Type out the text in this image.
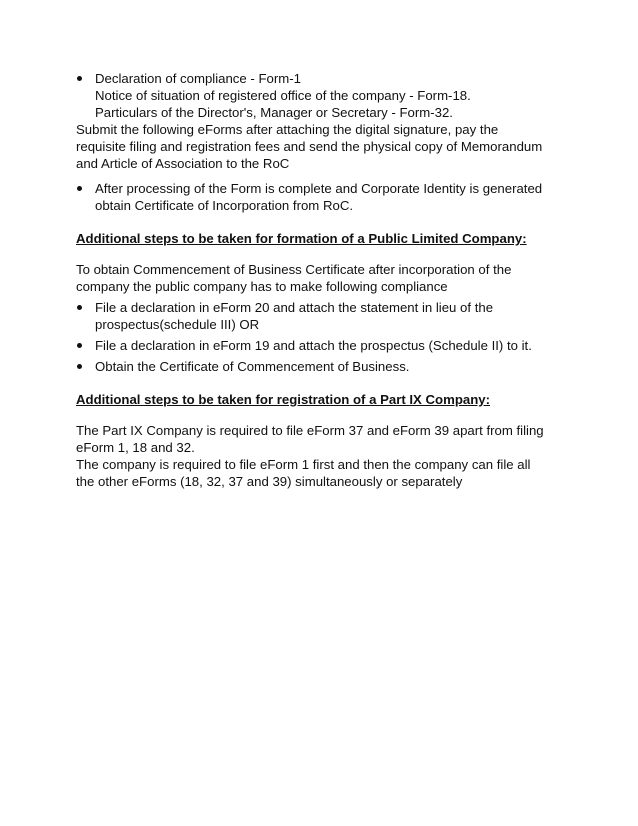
Declaration of compliance - Form-1
Notice of situation of registered office of the company - Form-18.
Particulars of the Director's, Manager or Secretary - Form-32.
Submit the following eForms after attaching the digital signature, pay the
requisite filing and registration fees and send the physical copy of Memorandum
and Article of Association to the RoC
After processing of the Form is complete and Corporate Identity is generated
obtain Certificate of Incorporation from RoC.
Additional steps to be taken for formation of a Public Limited Company:
To obtain Commencement of Business Certificate after incorporation of the
company the public company has to make following compliance
File a declaration in eForm 20 and attach the statement in lieu of the
prospectus(schedule III) OR
File a declaration in eForm 19 and attach the prospectus (Schedule II) to it.
Obtain the Certificate of Commencement of Business.
Additional steps to be taken for registration of a Part IX Company:
The Part IX Company is required to file eForm 37 and eForm 39 apart from filing
eForm 1, 18 and 32.
The company is required to file eForm 1 first and then the company can file all
the other eForms (18, 32, 37 and 39) simultaneously or separately
